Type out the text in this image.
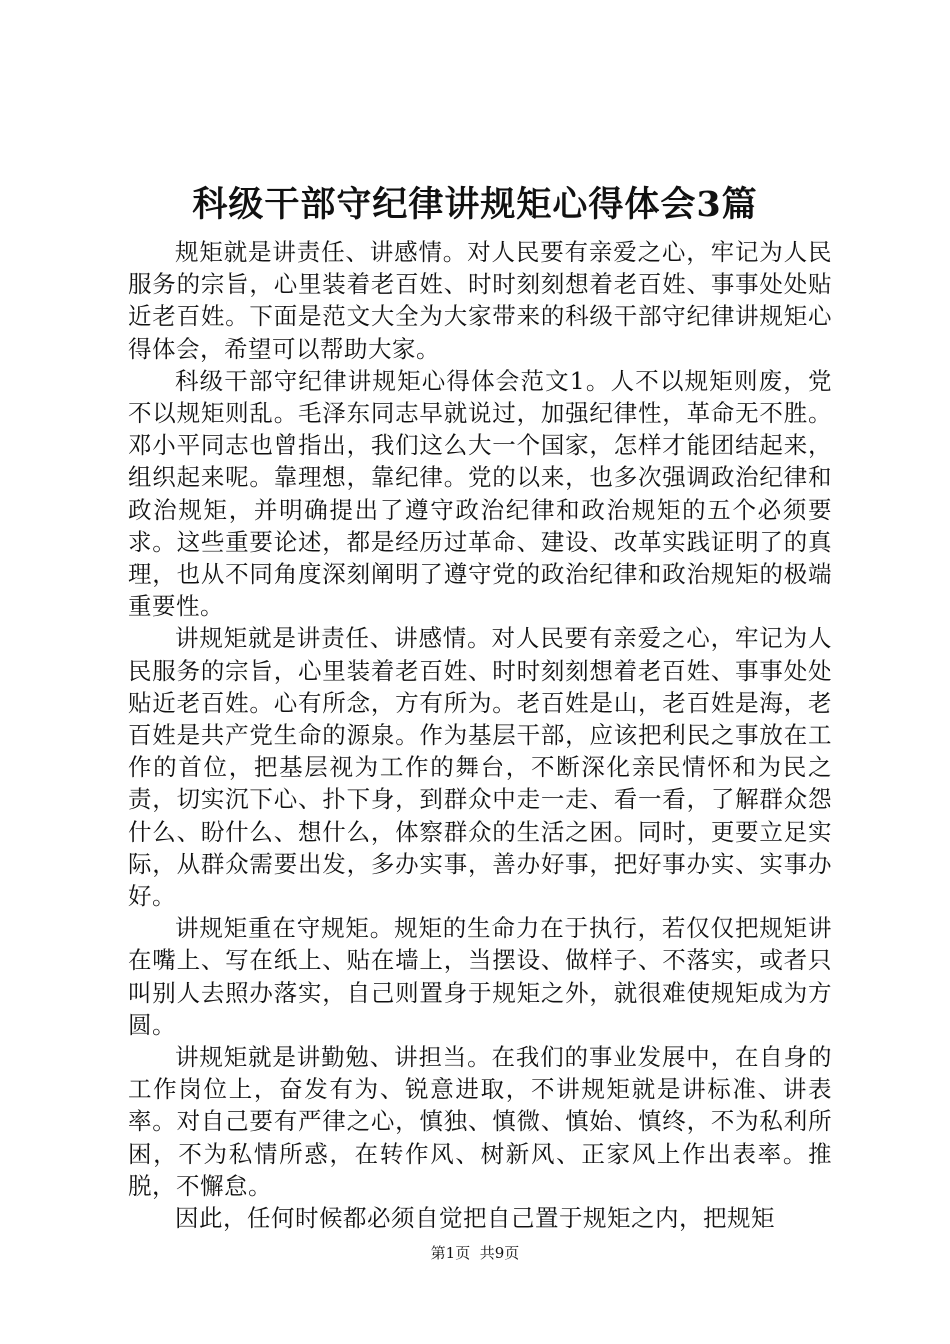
科级干部守纪律讲规矩心得体会3篇

规矩就是讲责任、讲感情。对人民要有亲爱之心，牢记为人民服务的宗旨，心里装着老百姓、时时刻刻想着老百姓、事事处处贴近老百姓。下面是范文大全为大家带来的科级干部守纪律讲规矩心得体会，希望可以帮助大家。

科级干部守纪律讲规矩心得体会范文1。人不以规矩则废，党不以规矩则乱。毛泽东同志早就说过，加强纪律性，革命无不胜。邓小平同志也曾指出，我们这么大一个国家，怎样才能团结起来，组织起来呢。靠理想，靠纪律。党的以来，也多次强调政治纪律和政治规矩，并明确提出了遵守政治纪律和政治规矩的五个必须要求。这些重要论述，都是经历过革命、建设、改革实践证明了的真理，也从不同角度深刻阐明了遵守党的政治纪律和政治规矩的极端重要性。

讲规矩就是讲责任、讲感情。对人民要有亲爱之心，牢记为人民服务的宗旨，心里装着老百姓、时时刻刻想着老百姓、事事处处贴近老百姓。心有所念，方有所为。老百姓是山，老百姓是海，老百姓是共产党生命的源泉。作为基层干部，应该把利民之事放在工作的首位，把基层视为工作的舞台，不断深化亲民情怀和为民之责，切实沉下心、扑下身，到群众中走一走、看一看，了解群众怨什么、盼什么、想什么，体察群众的生活之困。同时，更要立足实际，从群众需要出发，多办实事，善办好事，把好事办实、实事办好。

讲规矩重在守规矩。规矩的生命力在于执行，若仅仅把规矩讲在嘴上、写在纸上、贴在墙上，当摆设、做样子、不落实，或者只叫别人去照办落实，自己则置身于规矩之外，就很难使规矩成为方圆。

讲规矩就是讲勤勉、讲担当。在我们的事业发展中，在自身的工作岗位上，奋发有为、锐意进取，不讲规矩就是讲标准、讲表率。对自己要有严律之心，慎独、慎微、慎始、慎终，不为私利所困，不为私情所惑，在转作风、树新风、正家风上作出表率。推脱，不懈怠。

因此，任何时候都必须自觉把自己置于规矩之内，把规矩

第1页 共9页
